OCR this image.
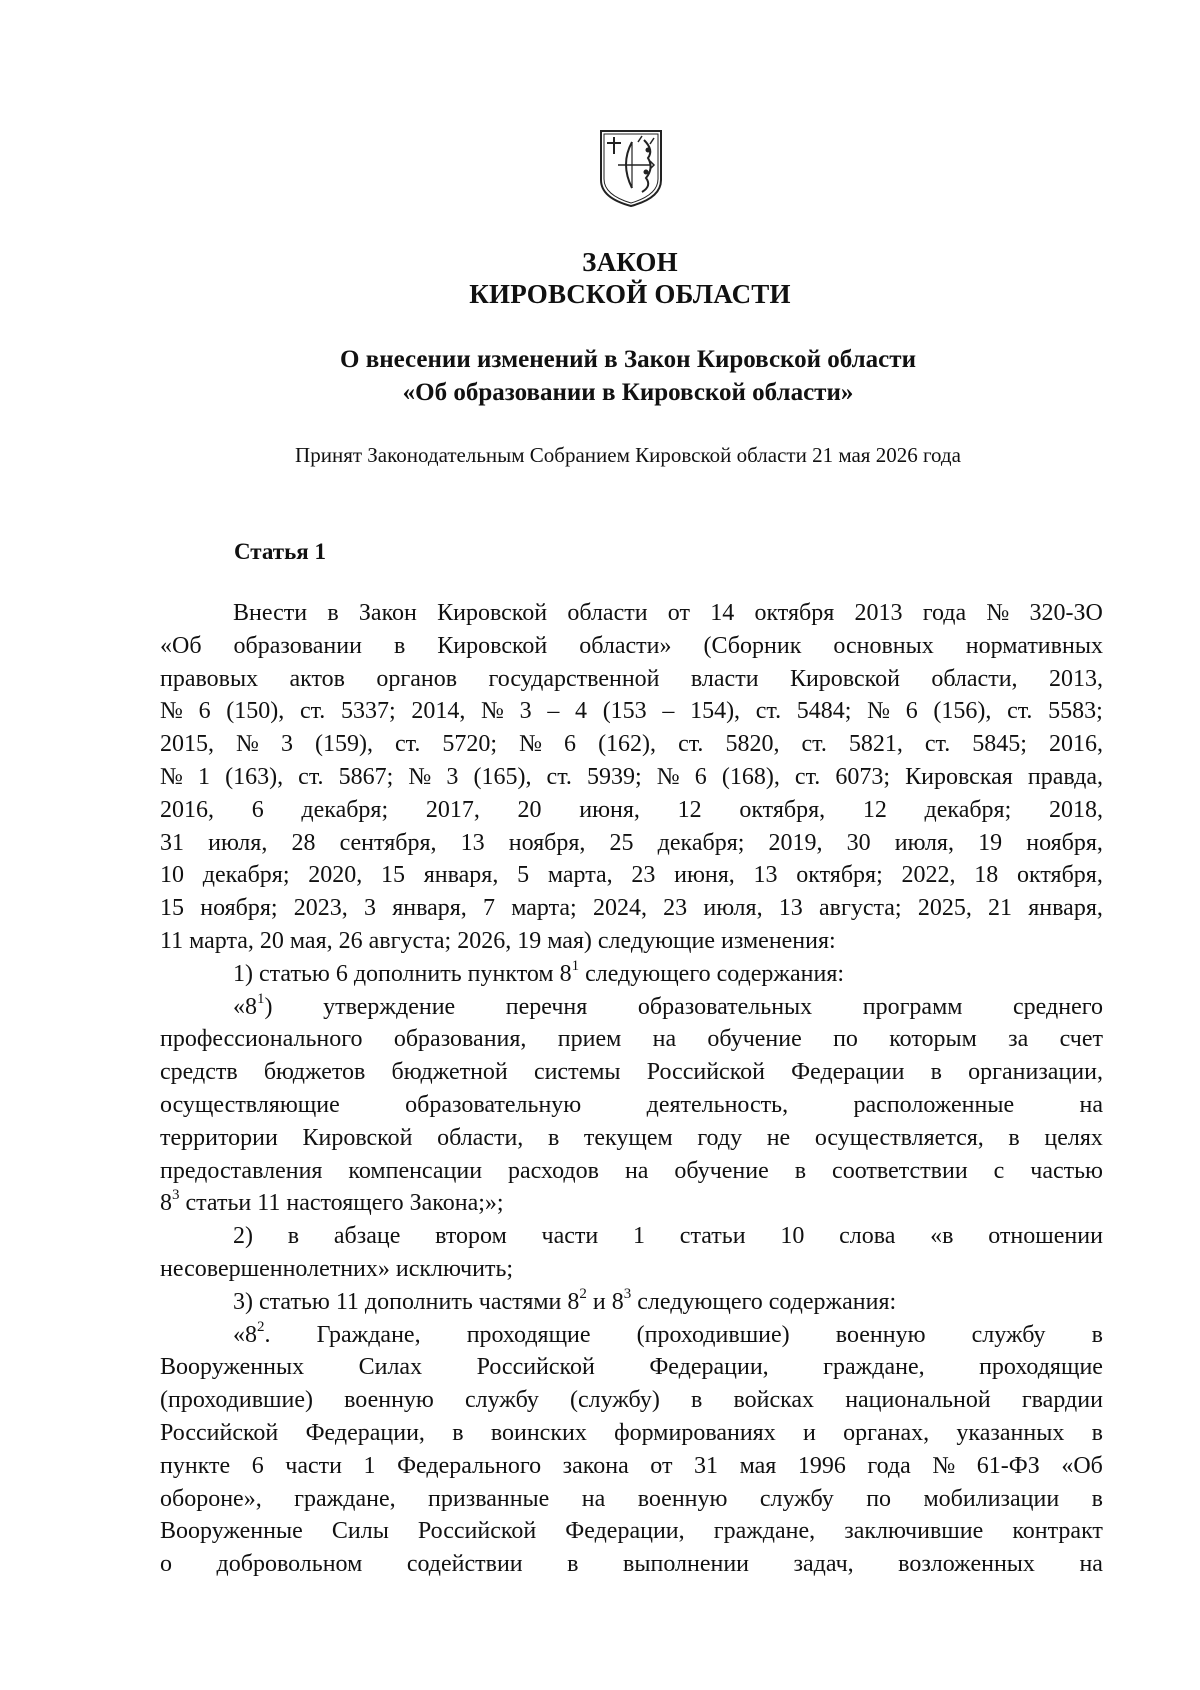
ЗАКОН
КИРОВСКОЙ ОБЛАСТИ
О внесении изменений в Закон Кировской области
«Об образовании в Кировской области»
Принят Законодательным Собранием Кировской области 21 мая 2026 года
Статья 1
Внести в Закон Кировской области от 14 октября 2013 года № 320-ЗО
«Об образовании в Кировской области» (Сборник основных нормативных
правовых актов органов государственной власти Кировской области, 2013,
№ 6 (150), ст. 5337; 2014, № 3 – 4 (153 – 154), ст. 5484; № 6 (156), ст. 5583;
2015, № 3 (159), ст. 5720; № 6 (162), ст. 5820, ст. 5821, ст. 5845; 2016,
№ 1 (163), ст. 5867; № 3 (165), ст. 5939; № 6 (168), ст. 6073; Кировская правда,
2016, 6 декабря; 2017, 20 июня, 12 октября, 12 декабря; 2018,
31 июля, 28 сентября, 13 ноября, 25 декабря; 2019, 30 июля, 19 ноября,
10 декабря; 2020, 15 января, 5 марта, 23 июня, 13 октября; 2022, 18 октября,
15 ноября; 2023, 3 января, 7 марта; 2024, 23 июля, 13 августа; 2025, 21 января,
11 марта, 20 мая, 26 августа; 2026, 19 мая) следующие изменения:
1) статью 6 дополнить пунктом $8^1$ следующего содержания:
«$8^1$) утверждение перечня образовательных программ среднего
профессионального образования, прием на обучение по которым за счет
средств бюджетов бюджетной системы Российской Федерации в организации,
осуществляющие	образовательную	деятельность,	расположенные	на
территории Кировской области, в текущем году не осуществляется, в целях
предоставления компенсации расходов на обучение в соответствии с частью
$8^3$ статьи 11 настоящего Закона;»;
2) в абзаце втором части 1 статьи 10 слова «в отношении
несовершеннолетних» исключить;
3) статью 11 дополнить частями $8^2$ и $8^3$ следующего содержания:
«$8^2$. Граждане, проходящие (проходившие) военную службу в
Вооруженных Силах Российской Федерации, граждане, проходящие
(проходившие) военную службу (службу) в войсках национальной гвардии
Российской Федерации, в воинских формированиях и органах, указанных в
пункте 6 части 1 Федерального закона от 31 мая 1996 года № 61-ФЗ «Об
обороне», граждане, призванные на военную службу по мобилизации в
Вооруженные Силы Российской Федерации, граждане, заключившие контракт
о добровольном содействии в выполнении задач, возложенных на
